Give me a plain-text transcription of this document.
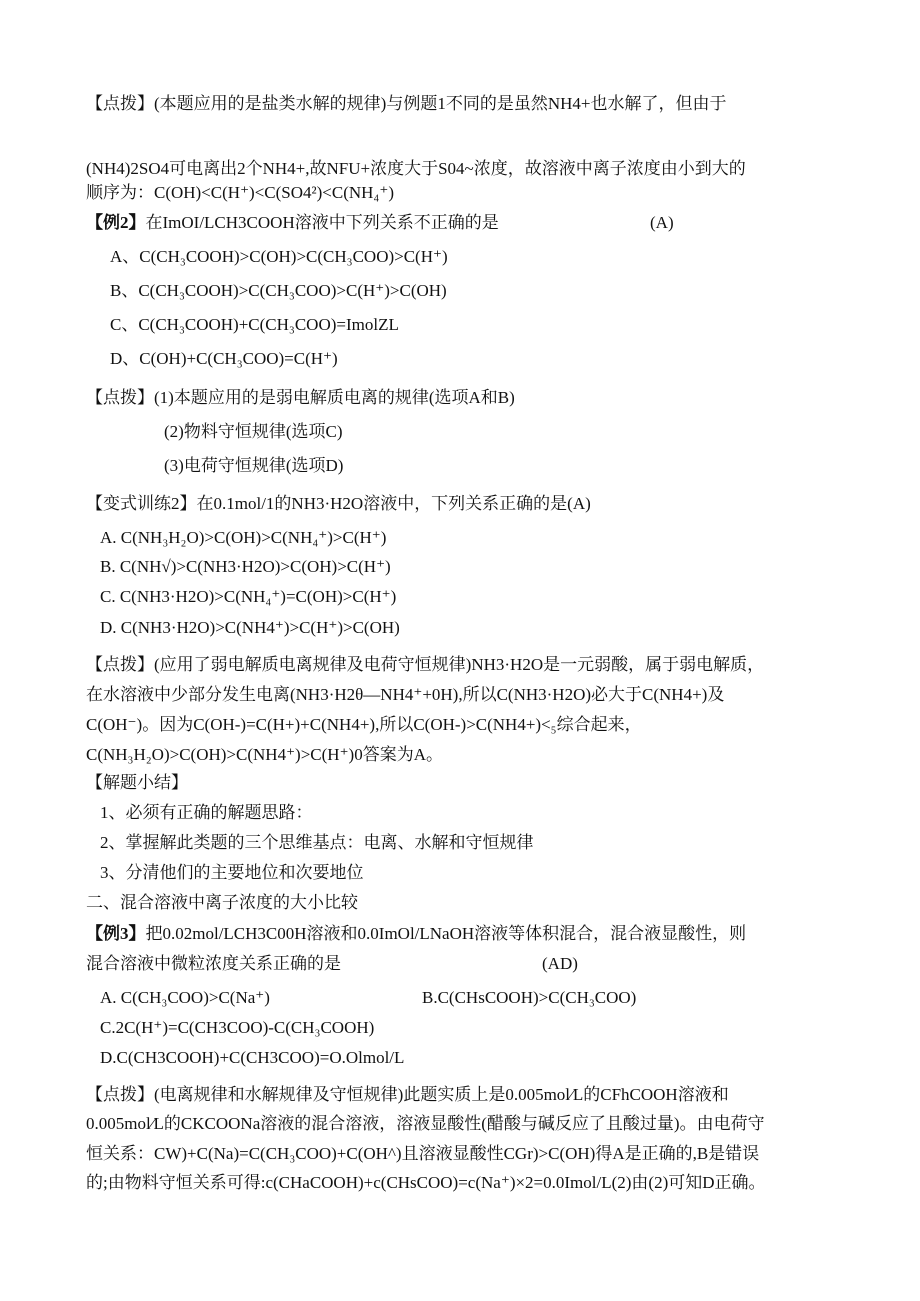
【点拨】(本题应用的是盐类水解的规律)与例题1不同的是虽然NH4+也水解了，但由于
(NH4)2SO4可电离出2个NH4+,故NFU+浓度大于S04~浓度，故溶液中离子浓度由小到大的
顺序为：C(OH)<C(H⁺)<C(SO4²)<C(NH₄⁺)
【例2】在ImOI/LCH3COOH溶液中下列关系不正确的是	(A)
A、C(CH₃COOH)>C(OH)>C(CH₃COO)>C(H⁺)
B、C(CH₃COOH)>C(CH₃COO)>C(H⁺)>C(OH)
C、C(CH₃COOH)+C(CH₃COO)=ImolZL
D、C(OH)+C(CH₃COO)=C(H⁺)
【点拨】(1)本题应用的是弱电解质电离的规律(选项A和B)
(2)物料守恒规律(选项C)
(3)电荷守恒规律(选项D)
【变式训练2】在0.1mol/1的NH3·H2O溶液中，下列关系正确的是(A)
A. C(NH₃H₂O)>C(OH)>C(NH₄⁺)>C(H⁺)
B. C(NH√)>C(NH3·H2O)>C(OH)>C(H⁺)
C. C(NH3·H2O)>C(NH₄⁺)=C(OH)>C(H⁺)
D. C(NH3·H2O)>C(NH4⁺)>C(H⁺)>C(OH)
【点拨】(应用了弱电解质电离规律及电荷守恒规律)NH3·H2O是一元弱酸，属于弱电解质，
在水溶液中少部分发生电离(NH3·H2θ—NH4⁺+0H),所以C(NH3·H2O)必大于C(NH4+)及
C(OH⁻)。因为C(OH-)=C(H+)+C(NH4+),所以C(OH-)>C(NH4+)<₅综合起来，
C(NH₃H₂O)>C(OH)>C(NH4⁺)>C(H⁺)0答案为A。
【解题小结】
1、必须有正确的解题思路：
2、掌握解此类题的三个思维基点：电离、水解和守恒规律
3、分清他们的主要地位和次要地位
二、混合溶液中离子浓度的大小比较
【例3】把0.02mol/LCH3C00H溶液和0.0ImOl/LNaOH溶液等体积混合，混合液显酸性，则
混合溶液中微粒浓度关系正确的是	(AD)
A. C(CH₃COO)>C(Na⁺)	B.C(CHsCOOH)>C(CH₃COO)
C.2C(H⁺)=C(CH3COO)-C(CH₃COOH)
D.C(CH3COOH)+C(CH3COO)=O.Olmol/L
【点拨】(电离规律和水解规律及守恒规律)此题实质上是0.005mol⁄L的CFhCOOH溶液和
0.005mol⁄L的CKCOONa溶液的混合溶液，溶液显酸性(醋酸与碱反应了且酸过量)。由电荷守
恒关系：CW)+C(Na)=C(CH₃COO)+C(OH^)且溶液显酸性CGr)>C(OH)得A是正确的,B是错误
的;由物料守恒关系可得:c(CHaCOOH)+c(CHsCOO)=c(Na⁺)×2=0.0Imol/L(2)由(2)可知D正确。
